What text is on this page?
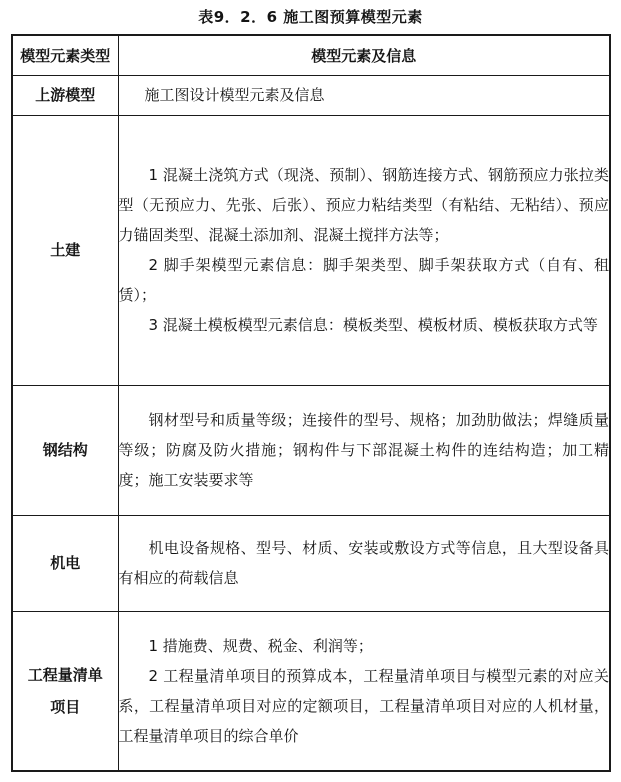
表9．2．6 施工图预算模型元素
模型元素类型	模型元素及信息
上游模型	施工图设计模型元素及信息

土建	1 混凝土浇筑方式（现浇、预制）、钢筋连接方式、钢筋预应力张拉类型（无预应力、先张、后张）、预应力粘结类型（有粘结、无粘结）、预应力锚固类型、混凝土添加剂、混凝土搅拌方法等；

2 脚手架模型元素信息：脚手架类型、脚手架获取方式（自有、租赁）；

3 混凝土模板模型元素信息：模板类型、模板材质、模板获取方式等

钢结构	钢材型号和质量等级；连接件的型号、规格；加劲肋做法；焊缝质量等级；防腐及防火措施；钢构件与下部混凝土构件的连结构造；加工精度；施工安装要求等

机电	机电设备规格、型号、材质、安装或敷设方式等信息，且大型设备具有相应的荷载信息

工程量清单项目	1 措施费、规费、税金、利润等；

2 工程量清单项目的预算成本，工程量清单项目与模型元素的对应关系，工程量清单项目对应的定额项目，工程量清单项目对应的人机材量，工程量清单项目的综合单价
